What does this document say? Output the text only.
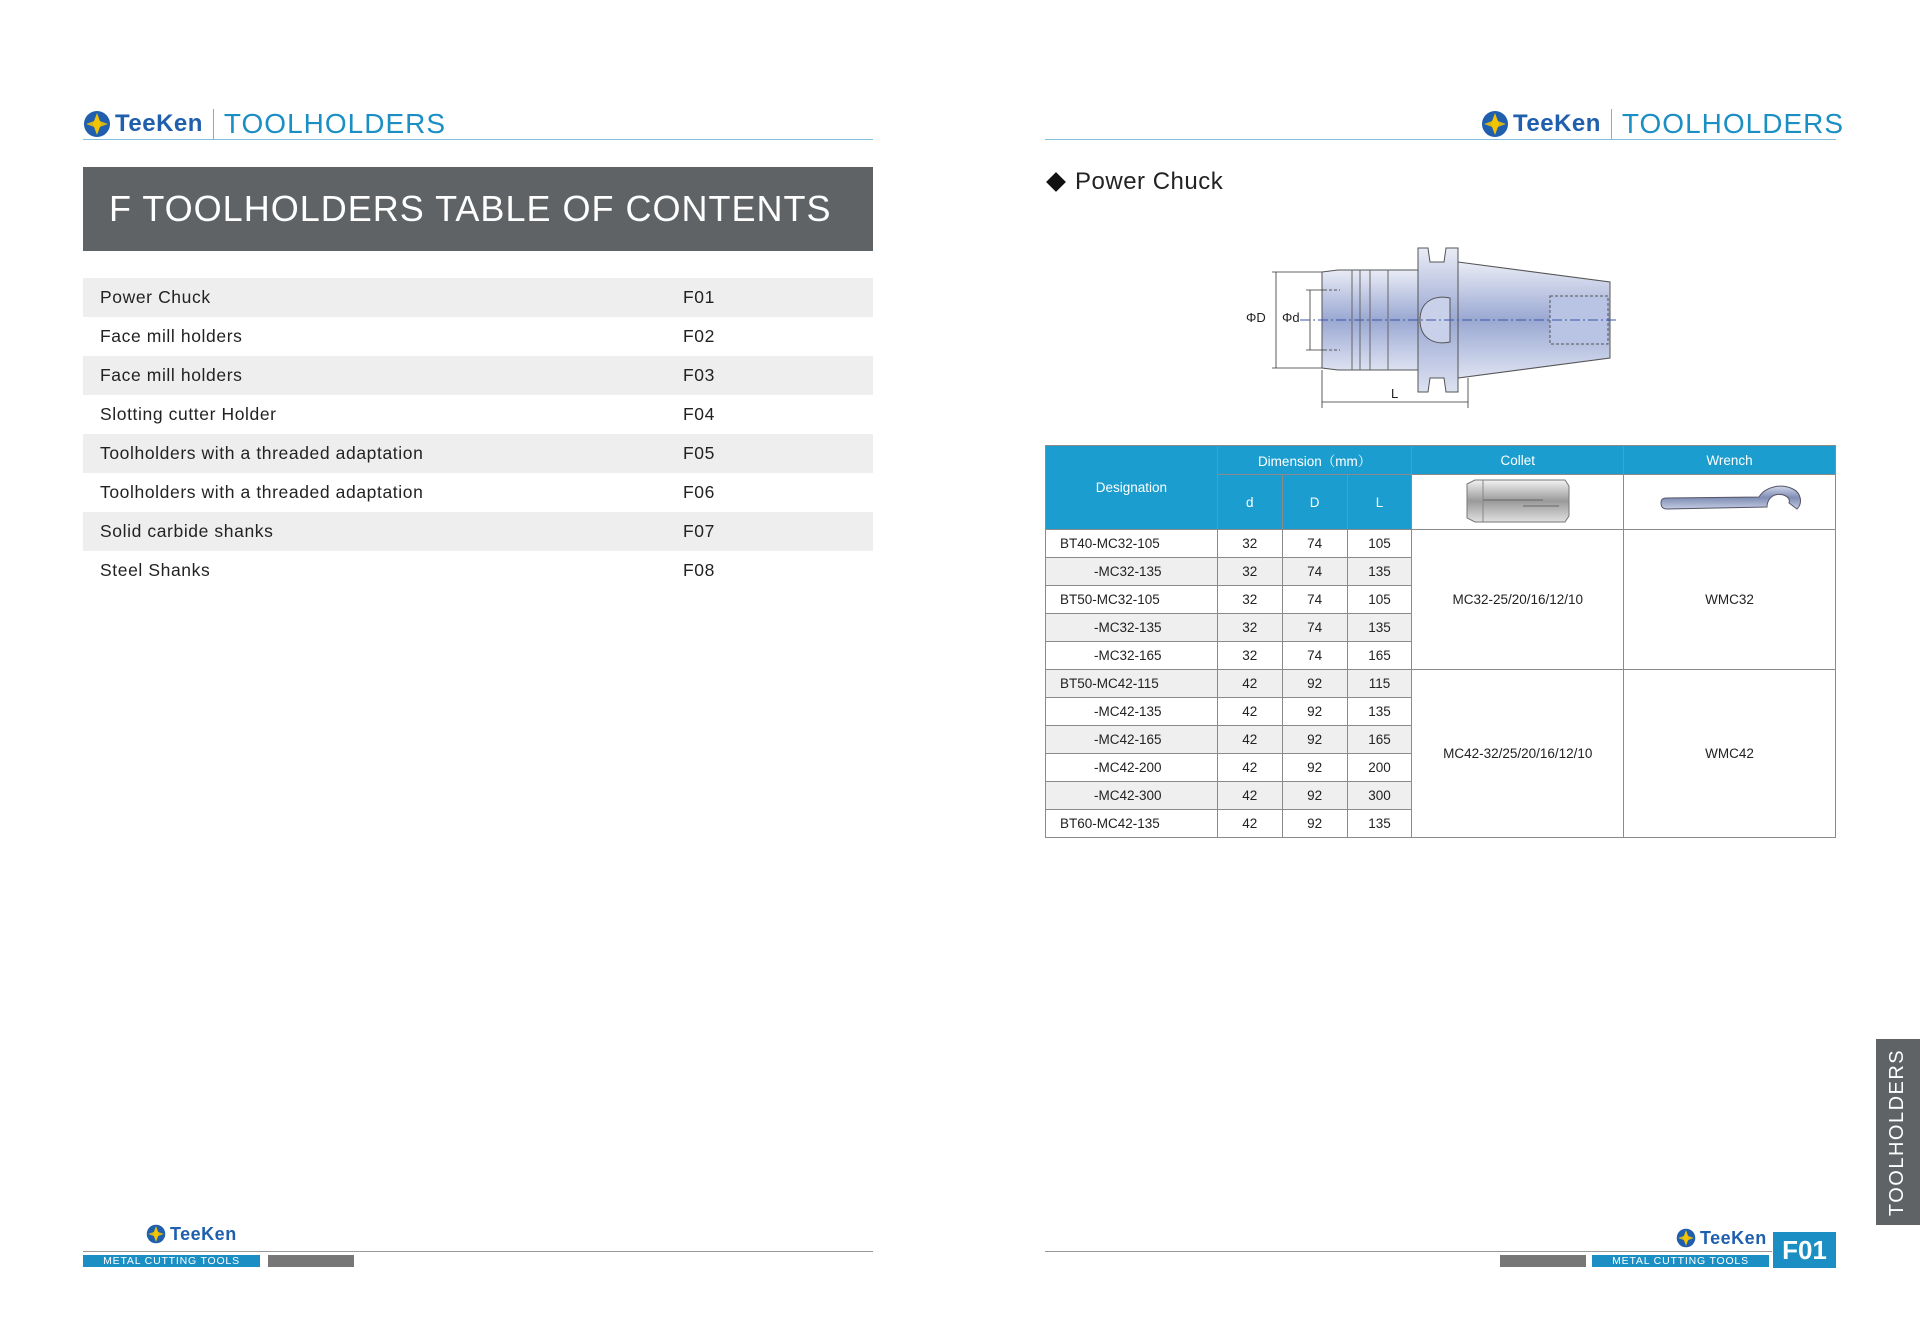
TeeKen TOOLHOLDERS
F TOOLHOLDERS TABLE OF CONTENTS
Power Chuck	F01
Face mill holders	F02
Face mill holders	F03
Slotting cutter Holder	F04
Toolholders with a threaded adaptation	F05
Toolholders with a threaded adaptation	F06
Solid carbide shanks	F07
Steel Shanks	F08
TeeKen
METAL CUTTING TOOLS
TeeKen TOOLHOLDERS
Power Chuck
ΦD Φd
L
Designation	Dimension（mm）			Collet	Wrench
	d	D	L		
BT40-MC32-105	32	74	105	MC32-25/20/16/12/10	WMC32
-MC32-135	32	74	135		
BT50-MC32-105	32	74	105		
-MC32-135	32	74	135		
-MC32-165	32	74	165		
BT50-MC42-115	42	92	115	MC42-32/25/20/16/12/10	WMC42
-MC42-135	42	92	135		
-MC42-165	42	92	165		
-MC42-200	42	92	200		
-MC42-300	42	92	300		
BT60-MC42-135	42	92	135		
TOOLHOLDERS
TeeKen
METAL CUTTING TOOLS	F01
